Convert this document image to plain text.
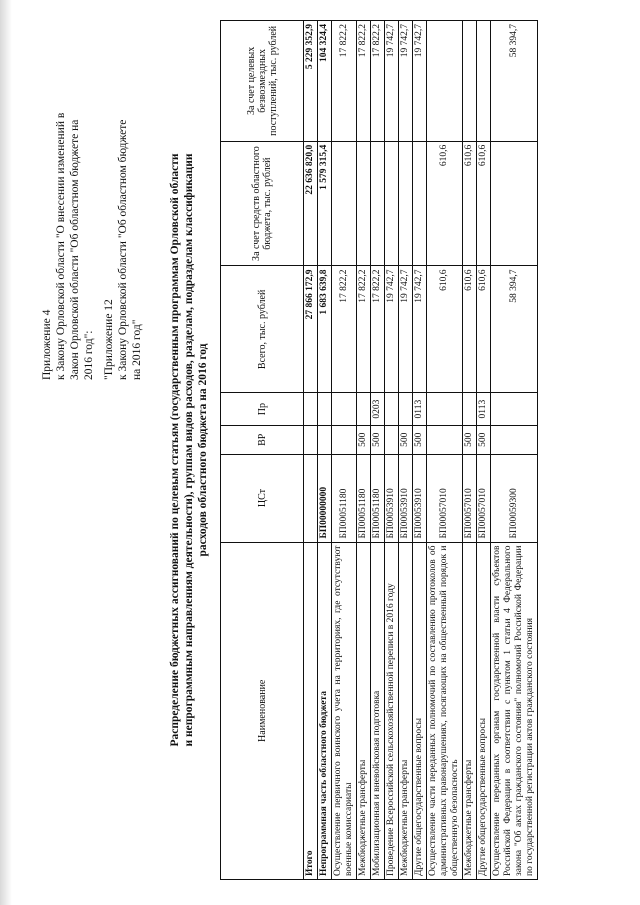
Приложение 4 к Закону Орловской области "О внесении изменений в Закон Орловской области "Об областном бюджете на 2016 год": "Приложение 12 к Закону Орловской области "Об областном бюджете на 2016 год" Распределение бюджетных ассигнований по целевым статьям (государственным программам Орловской области и непрограммным направлениям деятельности), группам видов расходов, разделам, подразделам классификации расходов областного бюджета на 2016 год
Наименование	ЦСт	ВР	Пр	Всего, тыс. рублей	За счет средств областного бюджета, тыс. рублей	За счет целевых безвозмездных поступлений, тыс. рублей
Итого				27 866 172,9	22 636 820,0	5 229 352,9
Непрограммная часть областного бюджета	БП00000000			1 683 639,8	1 579 315,4	104 324,4
Осуществление первичного воинского учета на территориях, где отсутствуют военные комиссариаты	БП00051180			17 822,2		17 822,2
Межбюджетные трансферты	БП00051180	500		17 822,2		17 822,2
Мобилизационная и вневойсковая подготовка	БП00051180	500	0203	17 822,2		17 822,2
Проведение Всероссийской сельскохозяйственной переписи в 2016 году	БП00053910			19 742,7		19 742,7
Межбюджетные трансферты	БП00053910	500		19 742,7		19 742,7
Другие общегосударственные вопросы	БП00053910	500	0113	19 742,7		19 742,7
Осуществление части переданных полномочий по составлению протоколов об административных правонарушениях, посягающих на общественный порядок и общественную безопасность	БП00057010			610,6	610,6	
Межбюджетные трансферты	БП00057010	500		610,6	610,6	
Другие общегосударственные вопросы	БП00057010	500	0113	610,6	610,6	
Осуществление переданных органам государственной власти субъектов Российской Федерации в соответствии с пунктом 1 статьи 4 Федерального закона "Об актах гражданского состояния" полномочий Российской Федерации по государственной регистрации актов гражданского состояния	БП00059300			58 394,7		58 394,7
